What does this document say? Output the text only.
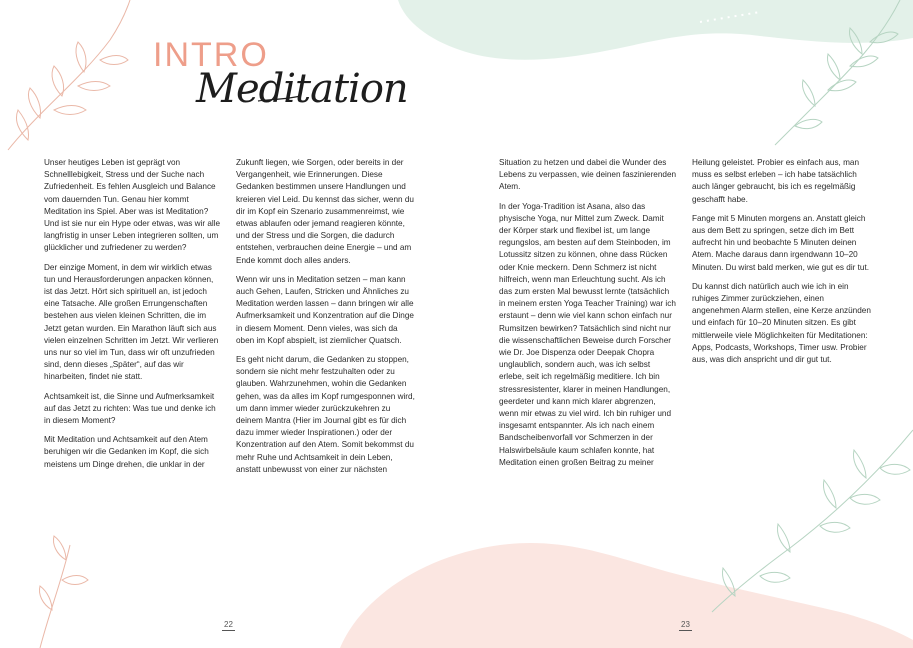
INTRO
Meditation

Unser heutiges Leben ist geprägt von Schnelllebigkeit, Stress und der Suche nach Zufriedenheit. Es fehlen Ausgleich und Balance vom dauernden Tun. Genau hier kommt Meditation ins Spiel. Aber was ist Meditation? Und ist sie nur ein Hype oder etwas, was wir alle langfristig in unser Leben integrieren sollten, um glücklicher und zufriedener zu werden?

Der einzige Moment, in dem wir wirklich etwas tun und Herausforderungen anpacken können, ist das Jetzt. Hört sich spirituell an, ist jedoch eine Tatsache. Alle großen Errungenschaften bestehen aus vielen kleinen Schritten, die im Jetzt getan wurden. Ein Marathon läuft sich aus vielen einzelnen Schritten im Jetzt. Wir verlieren uns nur so viel im Tun, dass wir oft unzufrieden sind, denn dieses „Später“, auf das wir hinarbeiten, findet nie statt.

Achtsamkeit ist, die Sinne und Aufmerksamkeit auf das Jetzt zu richten: Was tue und denke ich in diesem Moment?

Mit Meditation und Achtsamkeit auf den Atem beruhigen wir die Gedanken im Kopf, die sich meistens um Dinge drehen, die unklar in der

Zukunft liegen, wie Sorgen, oder bereits in der Vergangenheit, wie Erinnerungen. Diese Gedanken bestimmen unsere Handlungen und kreieren viel Leid. Du kennst das sicher, wenn du dir im Kopf ein Szenario zusammenreimst, wie etwas ablaufen oder jemand reagieren könnte, und der Stress und die Sorgen, die dadurch entstehen, verbrauchen deine Energie – und am Ende kommt doch alles anders.

Wenn wir uns in Meditation setzen – man kann auch Gehen, Laufen, Stricken und Ähnliches zu Meditation werden lassen – dann bringen wir alle Aufmerksamkeit und Konzentration auf die Dinge in diesem Moment. Denn vieles, was sich da oben im Kopf abspielt, ist ziemlicher Quatsch.

Es geht nicht darum, die Gedanken zu stoppen, sondern sie nicht mehr festzuhalten oder zu glauben. Wahrzunehmen, wohin die Gedanken gehen, was da alles im Kopf rumgesponnen wird, um dann immer wieder zurückzukehren zu deinem Mantra (Hier im Journal gibt es für dich dazu immer wieder Inspirationen.) oder der Konzentration auf den Atem. Somit bekommst du mehr Ruhe und Achtsamkeit in dein Leben, anstatt unbewusst von einer zur nächsten

Situation zu hetzen und dabei die Wunder des Lebens zu verpassen, wie deinen faszinierenden Atem.

In der Yoga-Tradition ist Asana, also das physische Yoga, nur Mittel zum Zweck. Damit der Körper stark und flexibel ist, um lange regungslos, am besten auf dem Steinboden, im Lotussitz sitzen zu können, ohne dass Rücken oder Knie meckern. Denn Schmerz ist nicht hilfreich, wenn man Erleuchtung sucht. Als ich das zum ersten Mal bewusst lernte (tatsächlich in meinem ersten Yoga Teacher Training) war ich erstaunt – denn wie viel kann schon einfach nur Rumsitzen bewirken? Tatsächlich sind nicht nur die wissenschaftlichen Beweise durch Forscher wie Dr. Joe Dispenza oder Deepak Chopra unglaublich, sondern auch, was ich selbst erlebe, seit ich regelmäßig meditiere. Ich bin stressresistenter, klarer in meinen Handlungen, geerdeter und kann mich klarer abgrenzen, wenn mir etwas zu viel wird. Ich bin ruhiger und insgesamt entspannter. Als ich nach einem Bandscheibenvorfall vor Schmerzen in der Halswirbelsäule kaum schlafen konnte, hat Meditation einen großen Beitrag zu meiner

Heilung geleistet. Probier es einfach aus, man muss es selbst erleben – ich habe tatsächlich auch länger gebraucht, bis ich es regelmäßig geschafft habe.

Fange mit 5 Minuten morgens an. Anstatt gleich aus dem Bett zu springen, setze dich im Bett aufrecht hin und beobachte 5 Minuten deinen Atem. Mache daraus dann irgendwann 10–20 Minuten. Du wirst bald merken, wie gut es dir tut.

Du kannst dich natürlich auch wie ich in ein ruhiges Zimmer zurückziehen, einen angenehmen Alarm stellen, eine Kerze anzünden und einfach für 10–20 Minuten sitzen. Es gibt mittlerweile viele Möglichkeiten für Meditationen: Apps, Podcasts, Workshops, Timer usw. Probier aus, was dich anspricht und dir gut tut.

22	23
